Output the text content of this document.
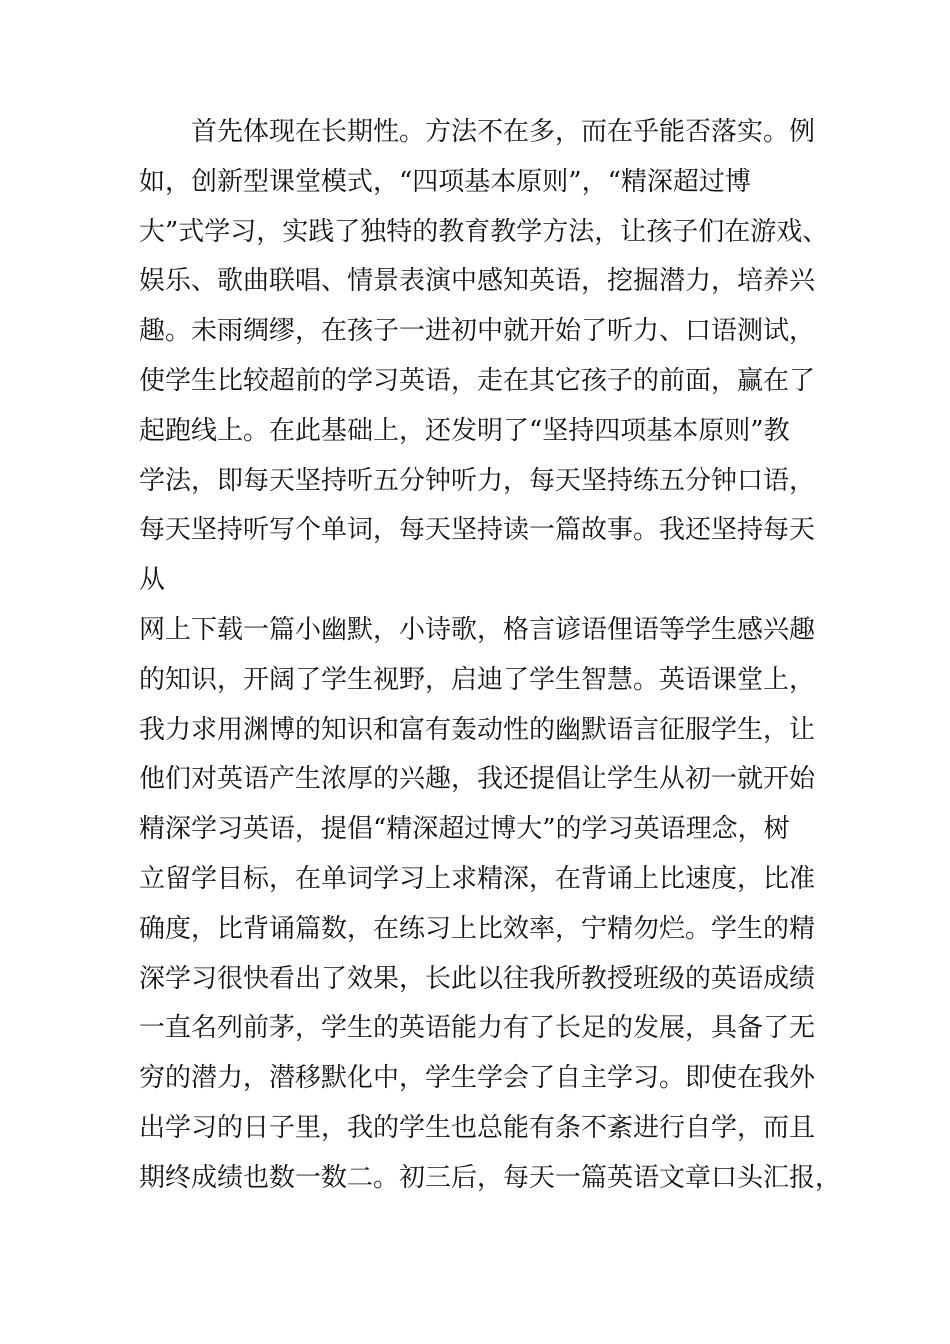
首先体现在长期性。方法不在多，而在乎能否落实。例
如，创新型课堂模式，“四项基本原则”，“精深超过博
大”式学习，实践了独特的教育教学方法，让孩子们在游戏、
娱乐、歌曲联唱、情景表演中感知英语，挖掘潜力，培养兴
趣。未雨绸缪，在孩子一进初中就开始了听力、口语测试，
使学生比较超前的学习英语，走在其它孩子的前面，赢在了
起跑线上。在此基础上，还发明了“坚持四项基本原则”教
学法，即每天坚持听五分钟听力，每天坚持练五分钟口语，
每天坚持听写个单词，每天坚持读一篇故事。我还坚持每天
从
网上下载一篇小幽默，小诗歌，格言谚语俚语等学生感兴趣
的知识，开阔了学生视野，启迪了学生智慧。英语课堂上，
我力求用渊博的知识和富有轰动性的幽默语言征服学生，让
他们对英语产生浓厚的兴趣，我还提倡让学生从初一就开始
精深学习英语，提倡“精深超过博大”的学习英语理念，树
立留学目标，在单词学习上求精深，在背诵上比速度，比准
确度，比背诵篇数，在练习上比效率，宁精勿烂。学生的精
深学习很快看出了效果，长此以往我所教授班级的英语成绩
一直名列前茅，学生的英语能力有了长足的发展，具备了无
穷的潜力，潜移默化中，学生学会了自主学习。即使在我外
出学习的日子里，我的学生也总能有条不紊进行自学，而且
期终成绩也数一数二。初三后，每天一篇英语文章口头汇报，
